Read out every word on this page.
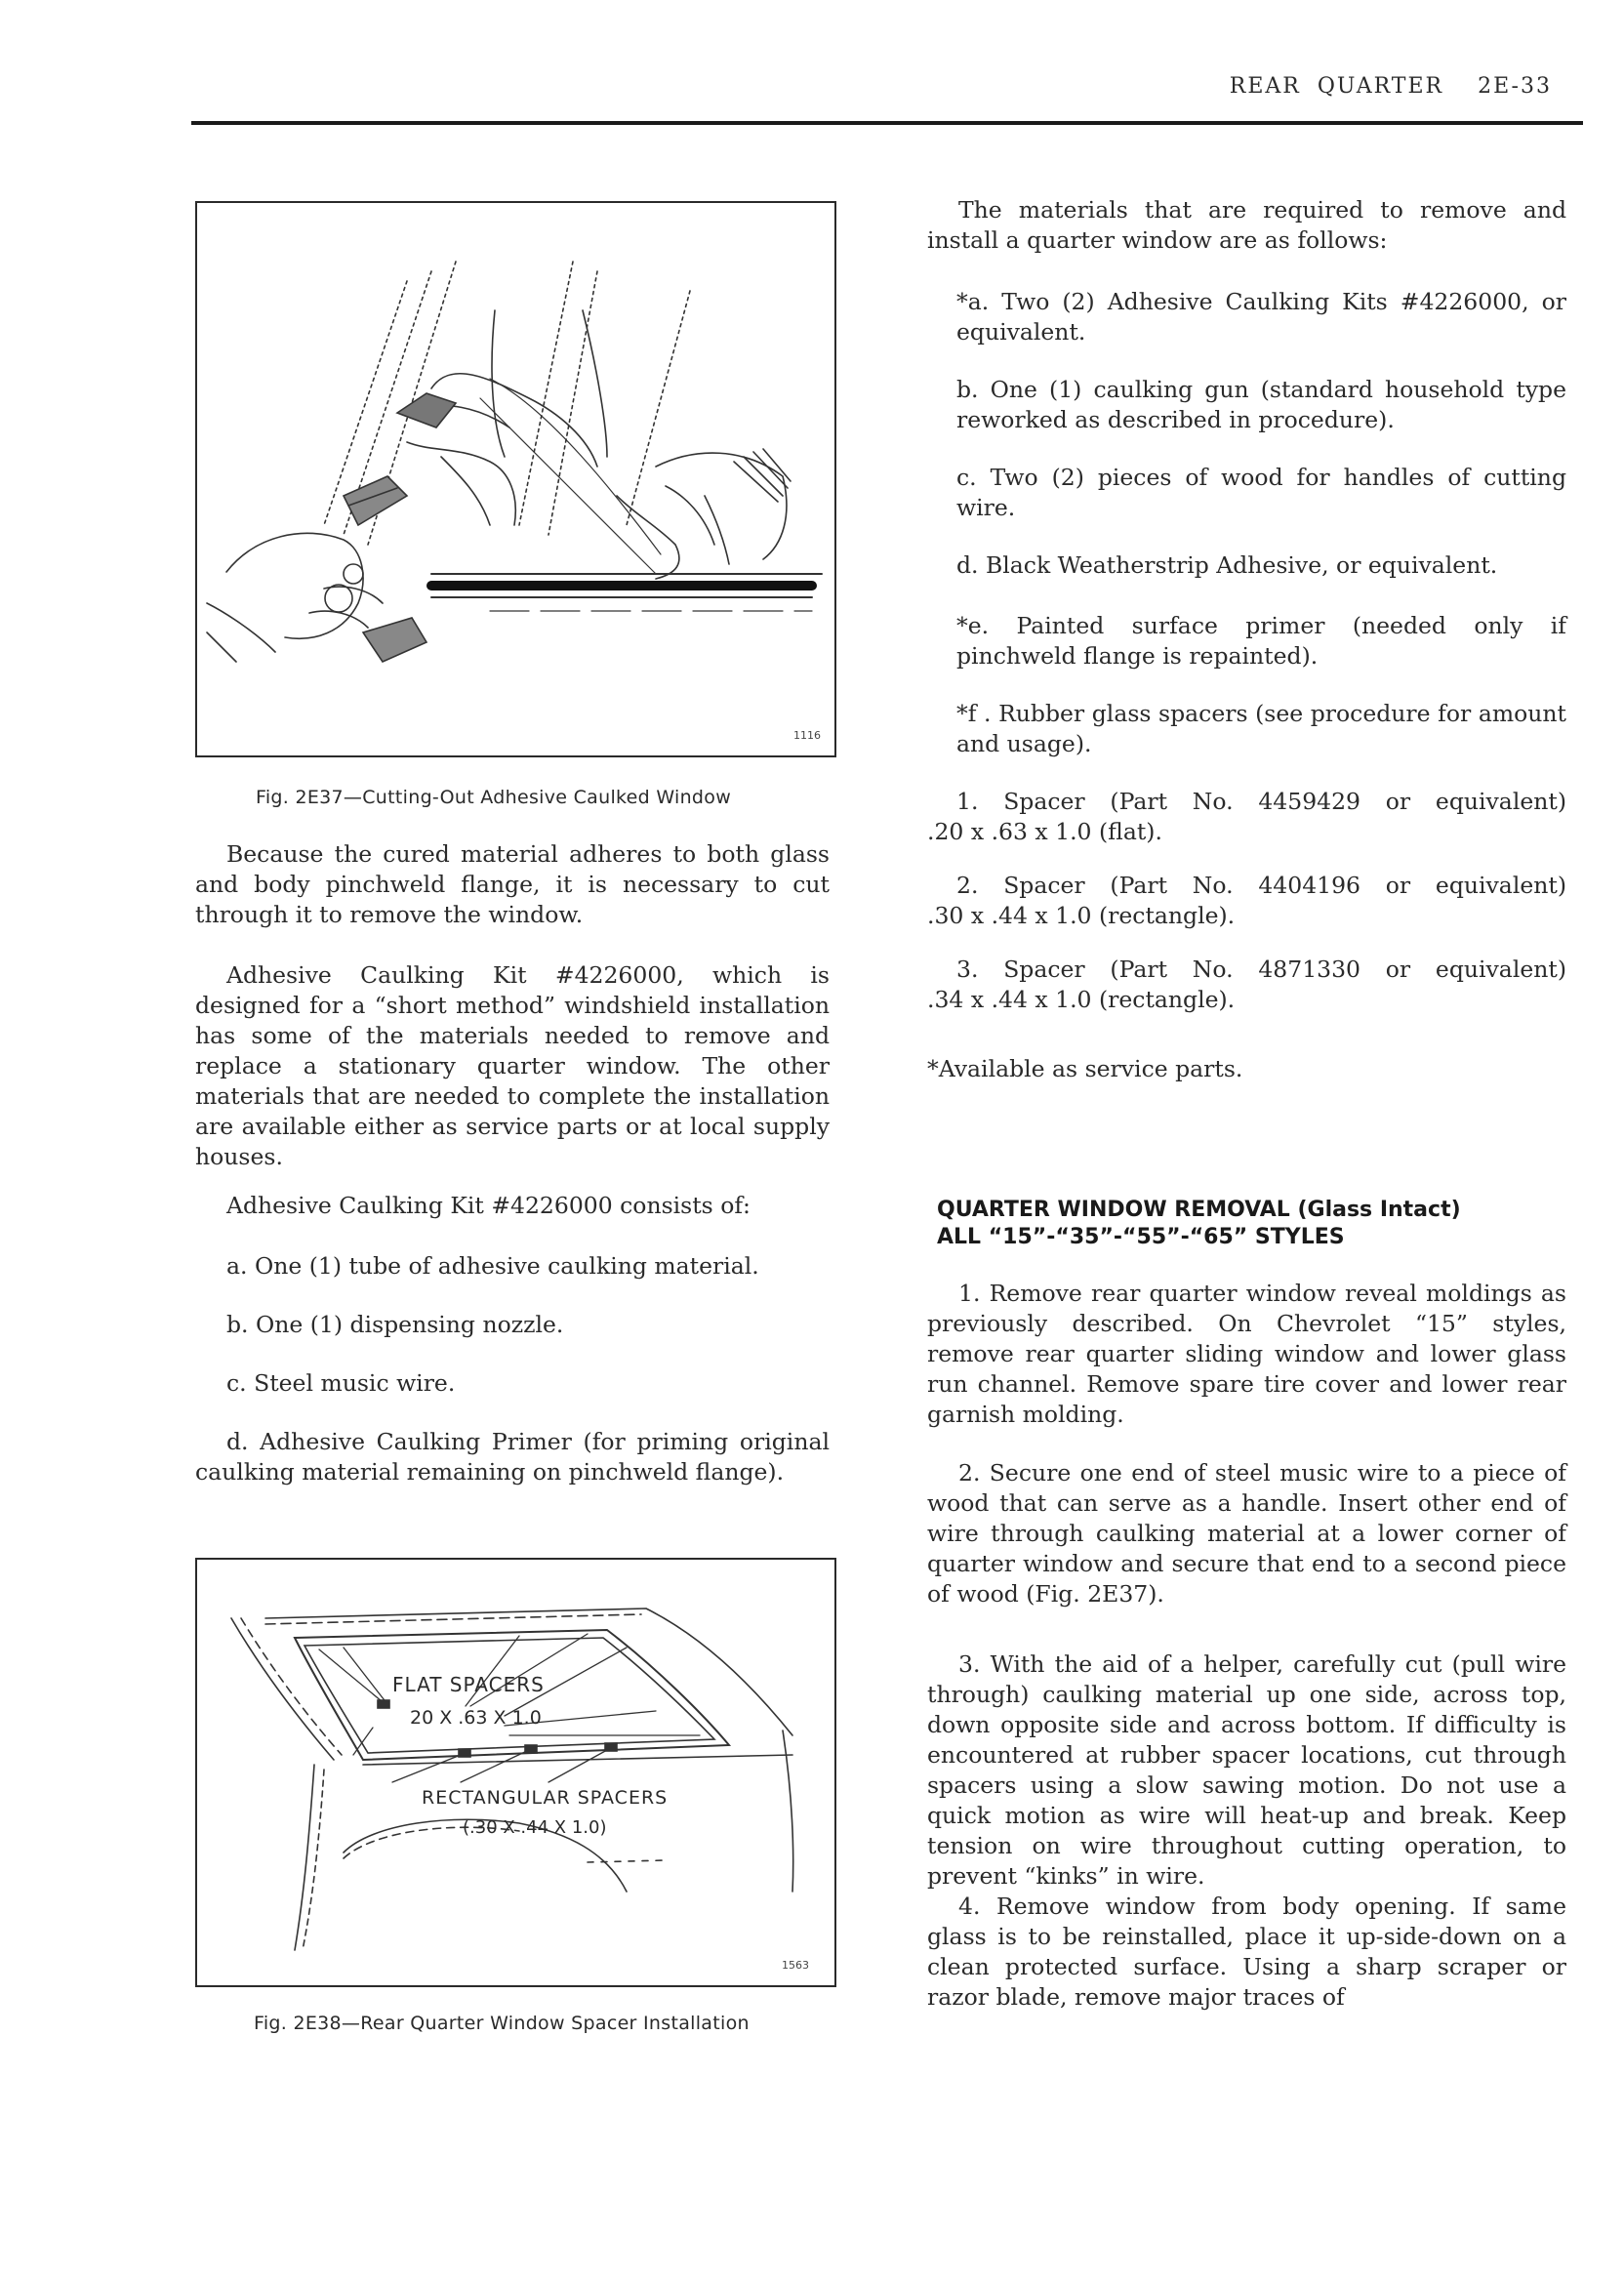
REAR QUARTER 2E-33
1116
Fig. 2E37—Cutting-Out Adhesive Caulked Window

Because the cured material adheres to both glass and body pinchweld flange, it is necessary to cut through it to remove the window.

Adhesive Caulking Kit #4226000, which is designed for a “short method” windshield installation has some of the materials needed to remove and replace a stationary quarter window. The other materials that are needed to complete the installation are available either as service parts or at local supply houses.

Adhesive Caulking Kit #4226000 consists of:

a. One (1) tube of adhesive caulking material.

b. One (1) dispensing nozzle.

c. Steel music wire.

d. Adhesive Caulking Primer (for priming original caulking material remaining on pinchweld flange).

FLAT SPACERS
20 X .63 X 1.0
RECTANGULAR SPACERS
(.30 X .44 X 1.0)
1563
Fig. 2E38—Rear Quarter Window Spacer Installation

The materials that are required to remove and install a quarter window are as follows:

*a. Two (2) Adhesive Caulking Kits #4226000, or equivalent.

b. One (1) caulking gun (standard household type reworked as described in procedure).

c. Two (2) pieces of wood for handles of cutting wire.

d. Black Weatherstrip Adhesive, or equivalent.

*e. Painted surface primer (needed only if pinchweld flange is repainted).

*f . Rubber glass spacers (see procedure for amount and usage).

1. Spacer (Part No. 4459429 or equivalent)

.20 x .63 x 1.0 (flat).

2. Spacer (Part No. 4404196 or equivalent)

.30 x .44 x 1.0 (rectangle).

3. Spacer (Part No. 4871330 or equivalent)

.34 x .44 x 1.0 (rectangle).

*Available as service parts.

QUARTER WINDOW REMOVAL (Glass Intact)
ALL “15”-“35”-“55”-“65” STYLES

1. Remove rear quarter window reveal moldings as previously described. On Chevrolet “15” styles, remove rear quarter sliding window and lower glass run channel. Remove spare tire cover and lower rear garnish molding.

2. Secure one end of steel music wire to a piece of wood that can serve as a handle. Insert other end of wire through caulking material at a lower corner of quarter window and secure that end to a second piece of wood (Fig. 2E37).

3. With the aid of a helper, carefully cut (pull wire through) caulking material up one side, across top, down opposite side and across bottom. If difficulty is encountered at rubber spacer locations, cut through spacers using a slow sawing motion. Do not use a quick motion as wire will heat-up and break. Keep tension on wire throughout cutting operation, to prevent “kinks” in wire.

4. Remove window from body opening. If same glass is to be reinstalled, place it up-side-down on a clean protected surface. Using a sharp scraper or razor blade, remove major traces of
